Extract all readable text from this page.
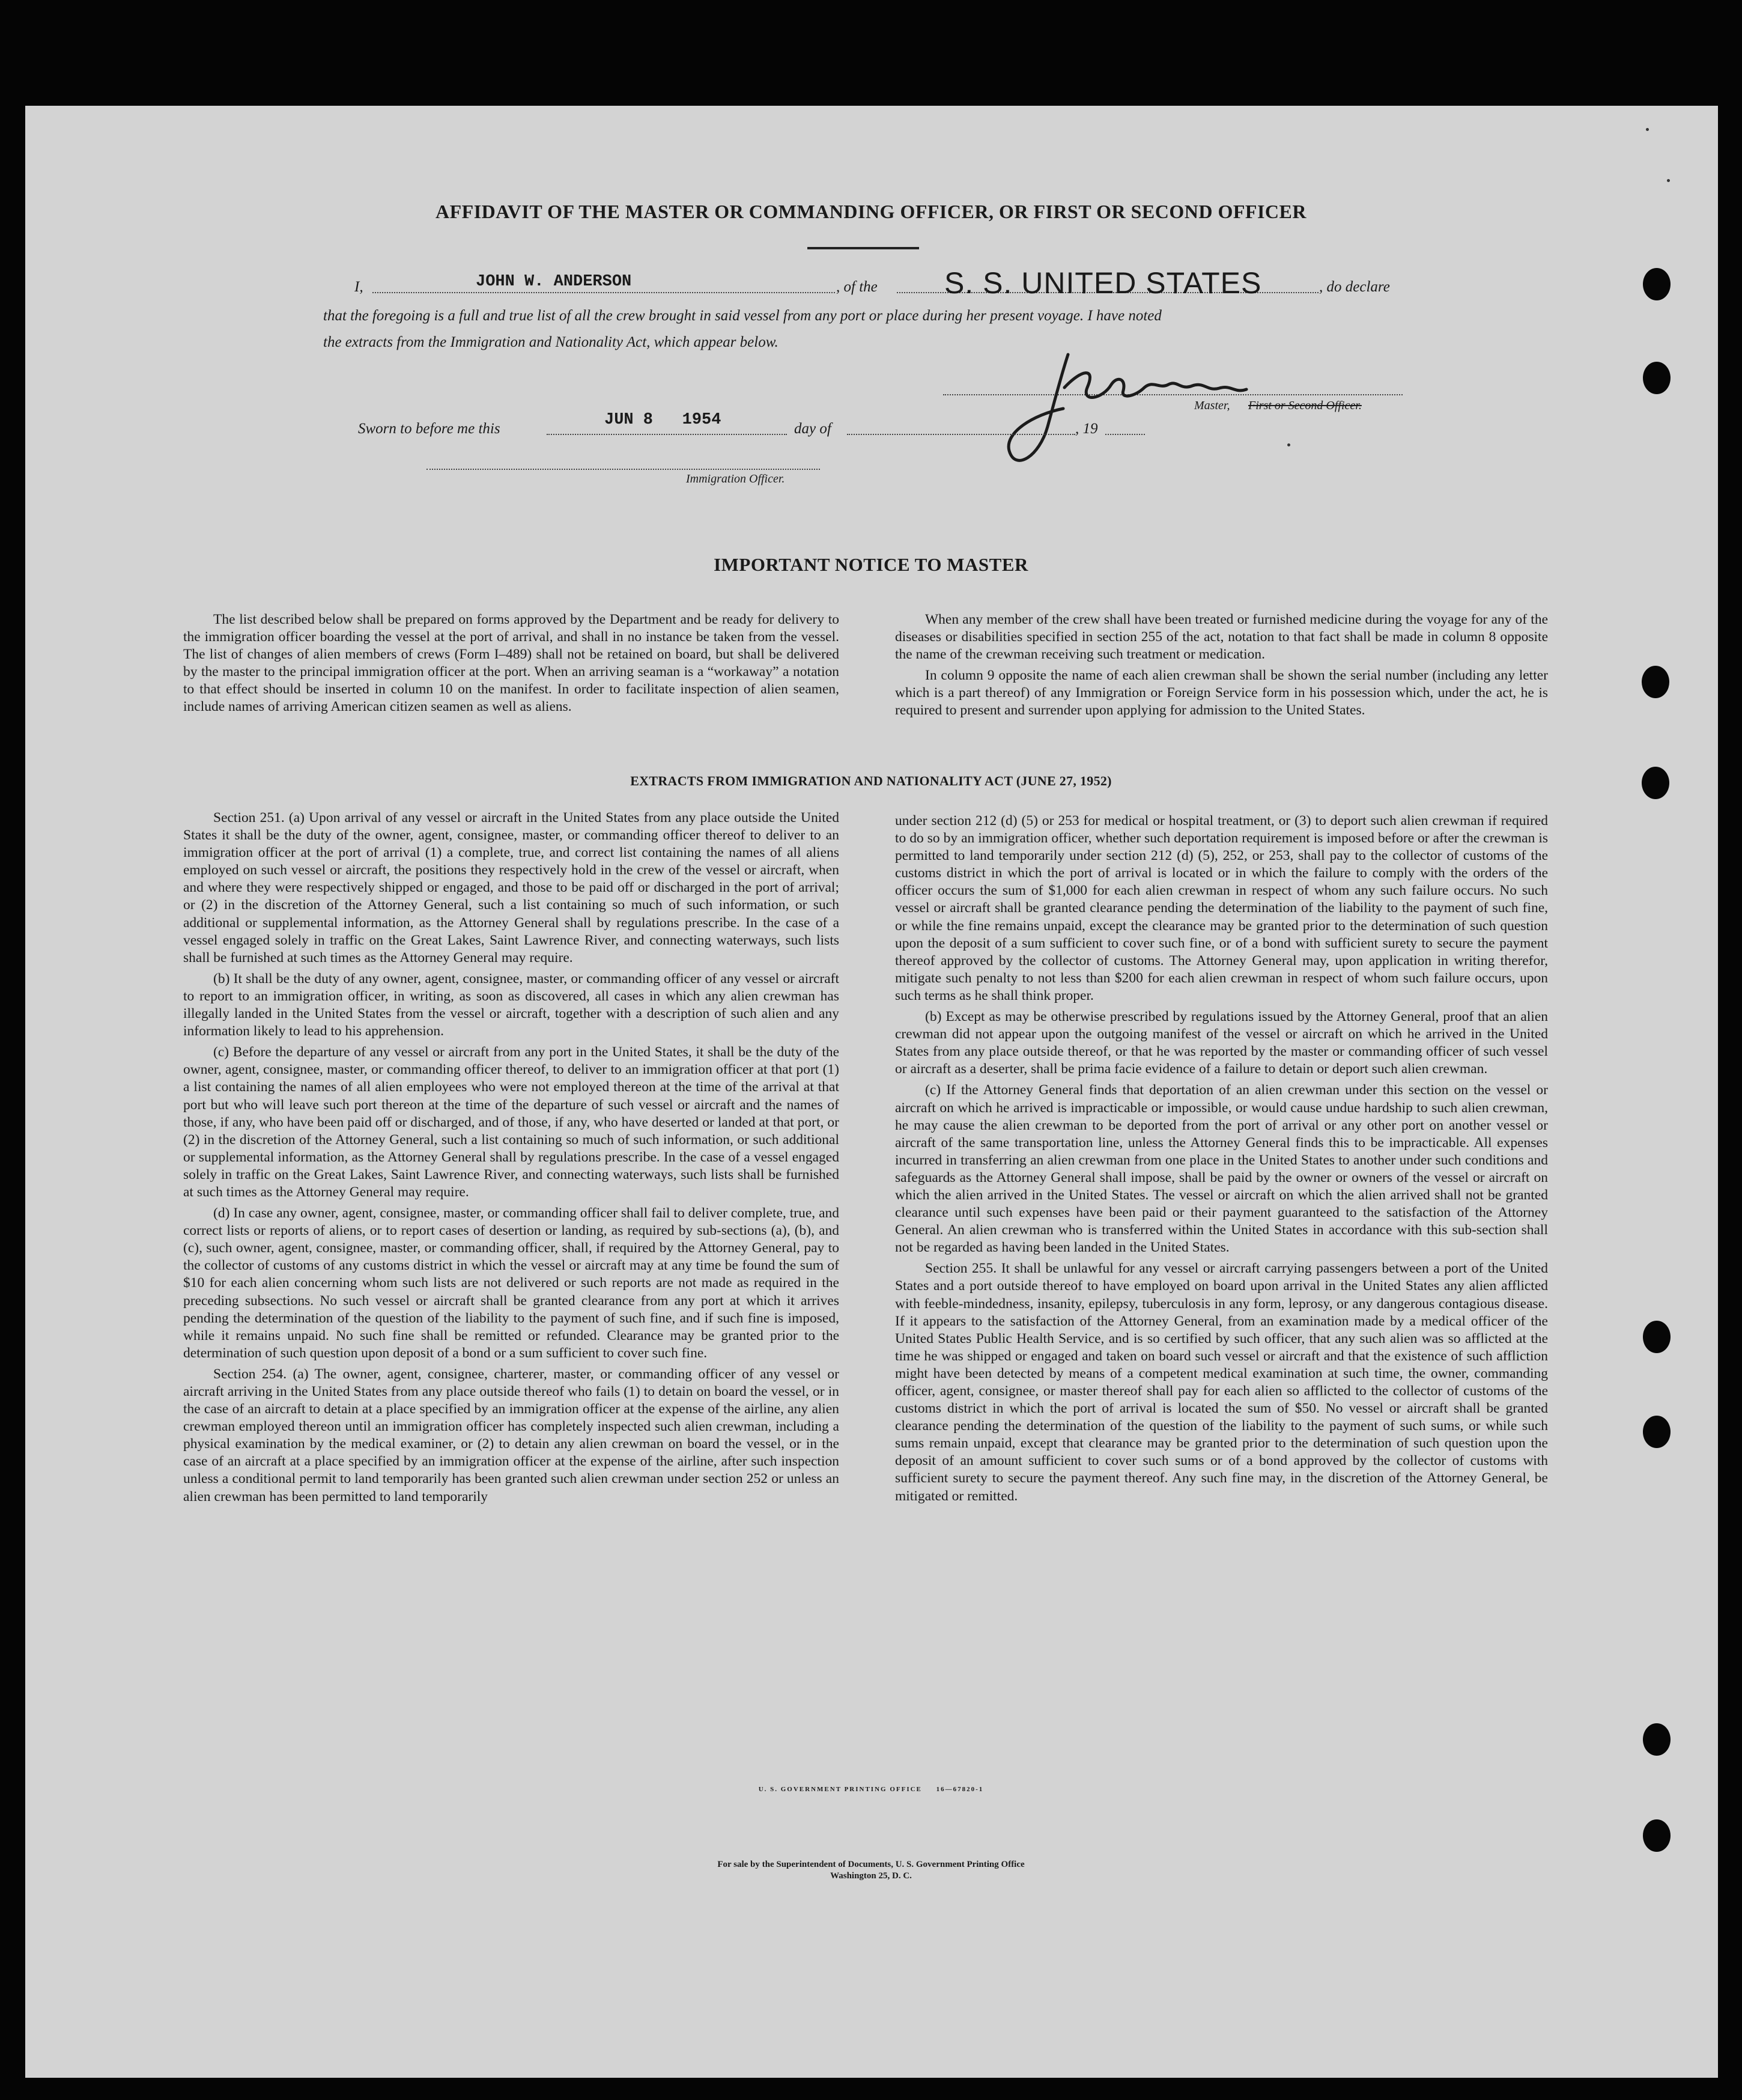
AFFIDAVIT OF THE MASTER OR COMMANDING OFFICER, OR FIRST OR SECOND OFFICER
I,	JOHN W. ANDERSON	, of the S. S. UNITED STATES	, do declare
that the foregoing is a full and true list of all the crew brought in said vessel from any port or place during her present voyage. I have noted
the extracts from the Immigration and Nationality Act, which appear below.
Master, First or Second Officer.
Sworn to before me this	JUN 8   1954	day of	, 19
Immigration Officer.
IMPORTANT NOTICE TO MASTER

The list described below shall be prepared on forms approved by the Department and be ready for delivery to the immigration officer boarding the vessel at the port of arrival, and shall in no instance be taken from the vessel. The list of changes of alien members of crews (Form I–489) shall not be retained on board, but shall be delivered by the master to the principal immigration officer at the port. When an arriving seaman is a “workaway” a notation to that effect should be inserted in column 10 on the manifest. In order to facilitate inspection of alien seamen, include names of arriving American citizen seamen as well as aliens.

When any member of the crew shall have been treated or furnished medicine during the voyage for any of the diseases or disabilities specified in section 255 of the act, notation to that fact shall be made in column 8 opposite the name of the crewman receiving such treatment or medication.

In column 9 opposite the name of each alien crewman shall be shown the serial number (including any letter which is a part thereof) of any Immigration or Foreign Service form in his possession which, under the act, he is required to present and surrender upon applying for admission to the United States.

EXTRACTS FROM IMMIGRATION AND NATIONALITY ACT (JUNE 27, 1952)

Section 251. (a) Upon arrival of any vessel or aircraft in the United States from any place outside the United States it shall be the duty of the owner, agent, consignee, master, or commanding officer thereof to deliver to an immigration officer at the port of arrival (1) a complete, true, and correct list containing the names of all aliens employed on such vessel or aircraft, the positions they respectively hold in the crew of the vessel or aircraft, when and where they were respectively shipped or engaged, and those to be paid off or discharged in the port of arrival; or (2) in the discretion of the Attorney General, such a list containing so much of such information, or such additional or supplemental information, as the Attorney General shall by regulations prescribe. In the case of a vessel engaged solely in traffic on the Great Lakes, Saint Lawrence River, and connecting waterways, such lists shall be furnished at such times as the Attorney General may require.

(b) It shall be the duty of any owner, agent, consignee, master, or commanding officer of any vessel or aircraft to report to an immigration officer, in writing, as soon as discovered, all cases in which any alien crewman has illegally landed in the United States from the vessel or aircraft, together with a description of such alien and any information likely to lead to his apprehension.

(c) Before the departure of any vessel or aircraft from any port in the United States, it shall be the duty of the owner, agent, consignee, master, or commanding officer thereof, to deliver to an immigration officer at that port (1) a list containing the names of all alien employees who were not employed thereon at the time of the arrival at that port but who will leave such port thereon at the time of the departure of such vessel or aircraft and the names of those, if any, who have been paid off or discharged, and of those, if any, who have deserted or landed at that port, or (2) in the discretion of the Attorney General, such a list containing so much of such information, or such additional or supplemental information, as the Attorney General shall by regulations prescribe. In the case of a vessel engaged solely in traffic on the Great Lakes, Saint Lawrence River, and connecting waterways, such lists shall be furnished at such times as the Attorney General may require.

(d) In case any owner, agent, consignee, master, or commanding officer shall fail to deliver complete, true, and correct lists or reports of aliens, or to report cases of desertion or landing, as required by sub-sections (a), (b), and (c), such owner, agent, consignee, master, or commanding officer, shall, if required by the Attorney General, pay to the collector of customs of any customs district in which the vessel or aircraft may at any time be found the sum of $10 for each alien concerning whom such lists are not delivered or such reports are not made as required in the preceding subsections. No such vessel or aircraft shall be granted clearance from any port at which it arrives pending the determination of the question of the liability to the payment of such fine, and if such fine is imposed, while it remains unpaid. No such fine shall be remitted or refunded. Clearance may be granted prior to the determination of such question upon deposit of a bond or a sum sufficient to cover such fine.

Section 254. (a) The owner, agent, consignee, charterer, master, or commanding officer of any vessel or aircraft arriving in the United States from any place outside thereof who fails (1) to detain on board the vessel, or in the case of an aircraft to detain at a place specified by an immigration officer at the expense of the airline, any alien crewman employed thereon until an immigration officer has completely inspected such alien crewman, including a physical examination by the medical examiner, or (2) to detain any alien crewman on board the vessel, or in the case of an aircraft at a place specified by an immigration officer at the expense of the airline, after such inspection unless a conditional permit to land temporarily has been granted such alien crewman under section 252 or unless an alien crewman has been permitted to land temporarily

under section 212 (d) (5) or 253 for medical or hospital treatment, or (3) to deport such alien crewman if required to do so by an immigration officer, whether such deportation requirement is imposed before or after the crewman is permitted to land temporarily under section 212 (d) (5), 252, or 253, shall pay to the collector of customs of the customs district in which the port of arrival is located or in which the failure to comply with the orders of the officer occurs the sum of $1,000 for each alien crewman in respect of whom any such failure occurs. No such vessel or aircraft shall be granted clearance pending the determination of the liability to the payment of such fine, or while the fine remains unpaid, except the clearance may be granted prior to the determination of such question upon the deposit of a sum sufficient to cover such fine, or of a bond with sufficient surety to secure the payment thereof approved by the collector of customs. The Attorney General may, upon application in writing therefor, mitigate such penalty to not less than $200 for each alien crewman in respect of whom such failure occurs, upon such terms as he shall think proper.

(b) Except as may be otherwise prescribed by regulations issued by the Attorney General, proof that an alien crewman did not appear upon the outgoing manifest of the vessel or aircraft on which he arrived in the United States from any place outside thereof, or that he was reported by the master or commanding officer of such vessel or aircraft as a deserter, shall be prima facie evidence of a failure to detain or deport such alien crewman.

(c) If the Attorney General finds that deportation of an alien crewman under this section on the vessel or aircraft on which he arrived is impracticable or impossible, or would cause undue hardship to such alien crewman, he may cause the alien crewman to be deported from the port of arrival or any other port on another vessel or aircraft of the same transportation line, unless the Attorney General finds this to be impracticable. All expenses incurred in transferring an alien crewman from one place in the United States to another under such conditions and safeguards as the Attorney General shall impose, shall be paid by the owner or owners of the vessel or aircraft on which the alien arrived in the United States. The vessel or aircraft on which the alien arrived shall not be granted clearance until such expenses have been paid or their payment guaranteed to the satisfaction of the Attorney General. An alien crewman who is transferred within the United States in accordance with this sub-section shall not be regarded as having been landed in the United States.

Section 255. It shall be unlawful for any vessel or aircraft carrying passengers between a port of the United States and a port outside thereof to have employed on board upon arrival in the United States any alien afflicted with feeble-mindedness, insanity, epilepsy, tuberculosis in any form, leprosy, or any dangerous contagious disease. If it appears to the satisfaction of the Attorney General, from an examination made by a medical officer of the United States Public Health Service, and is so certified by such officer, that any such alien was so afflicted at the time he was shipped or engaged and taken on board such vessel or aircraft and that the existence of such affliction might have been detected by means of a competent medical examination at such time, the owner, commanding officer, agent, consignee, or master thereof shall pay for each alien so afflicted to the collector of customs of the customs district in which the port of arrival is located the sum of $50. No vessel or aircraft shall be granted clearance pending the determination of the question of the liability to the payment of such sums, or while such sums remain unpaid, except that clearance may be granted prior to the determination of such question upon the deposit of an amount sufficient to cover such sums or of a bond approved by the collector of customs with sufficient surety to secure the payment thereof. Any such fine may, in the discretion of the Attorney General, be mitigated or remitted.

U. S. GOVERNMENT PRINTING OFFICE     16—67820-1
For sale by the Superintendent of Documents, U. S. Government Printing Office
Washington 25, D. C.
